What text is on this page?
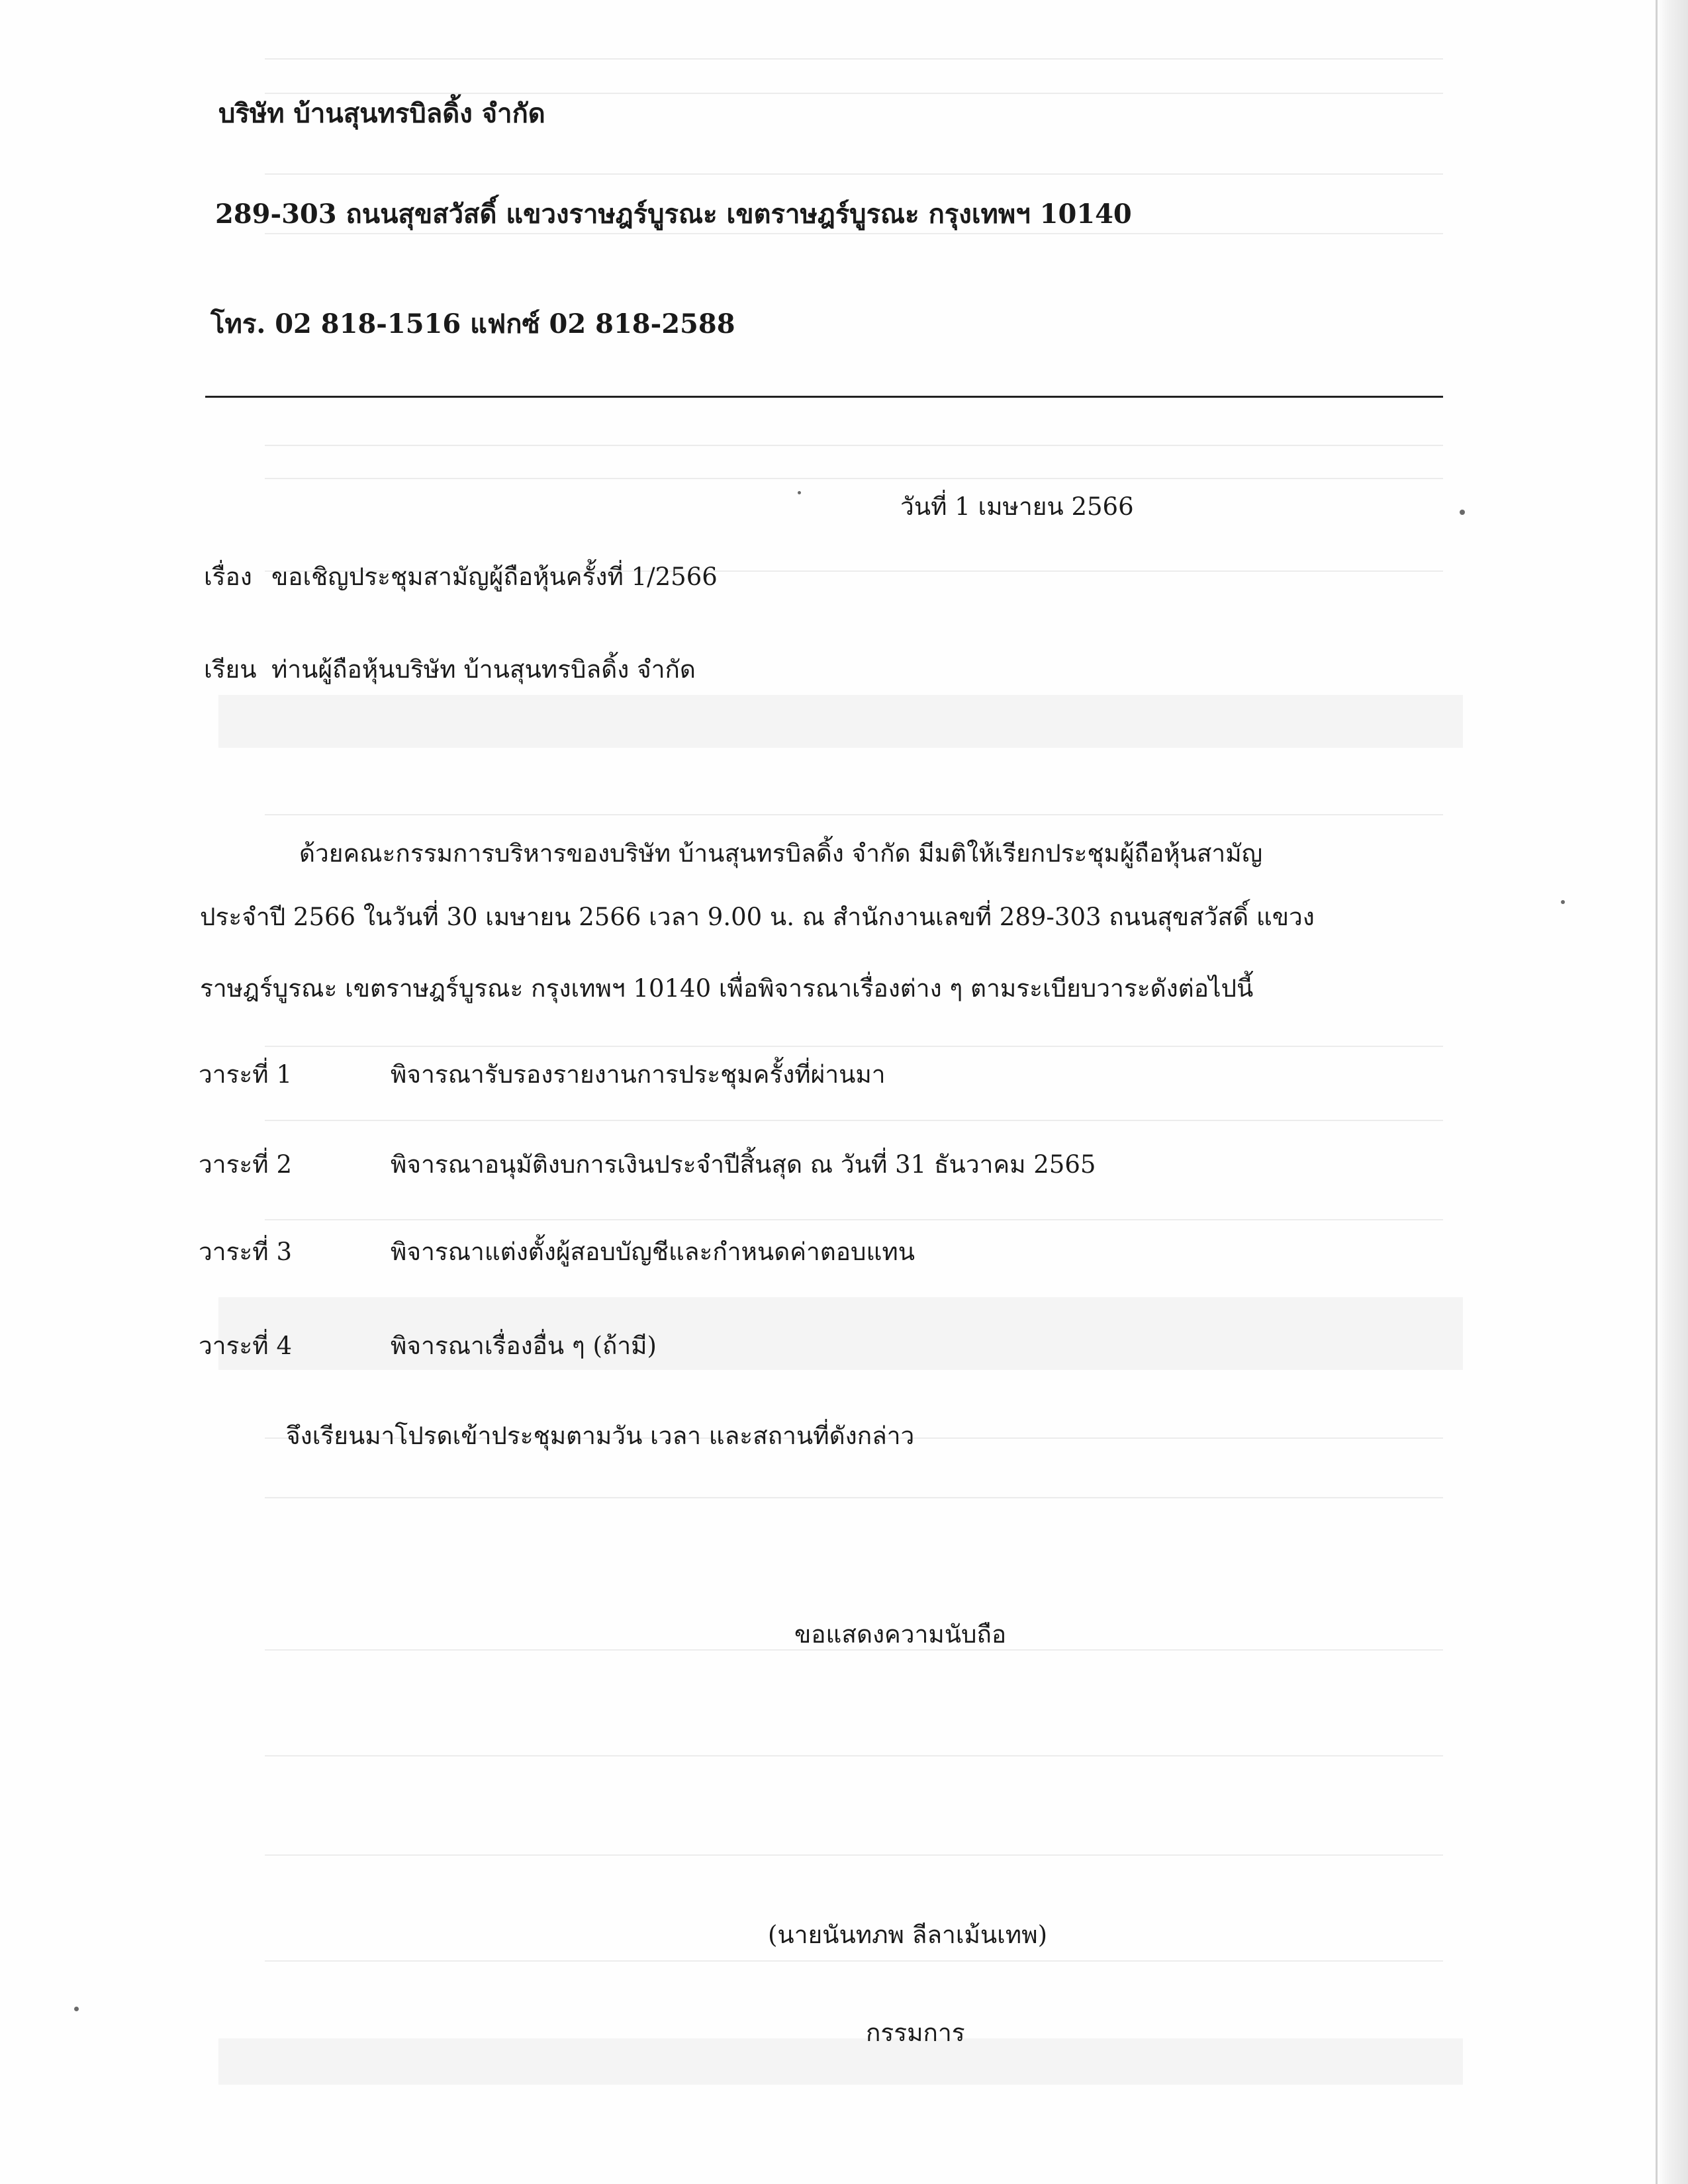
บริษัท บ้านสุนทรบิลดิ้ง จำกัด
289-303 ถนนสุขสวัสดิ์ แขวงราษฎร์บูรณะ เขตราษฎร์บูรณะ กรุงเทพฯ 10140
โทร. 02 818-1516 แฟกซ์ 02 818-2588
วันที่ 1 เมษายน 2566
เรื่อง ขอเชิญประชุมสามัญผู้ถือหุ้นครั้งที่ 1/2566
เรียน ท่านผู้ถือหุ้นบริษัท บ้านสุนทรบิลดิ้ง จำกัด
ด้วยคณะกรรมการบริหารของบริษัท บ้านสุนทรบิลดิ้ง จำกัด มีมติให้เรียกประชุมผู้ถือหุ้นสามัญ
ประจำปี 2566 ในวันที่ 30 เมษายน 2566 เวลา 9.00 น. ณ สำนักงานเลขที่ 289-303 ถนนสุขสวัสดิ์ แขวง
ราษฎร์บูรณะ เขตราษฎร์บูรณะ กรุงเทพฯ 10140 เพื่อพิจารณาเรื่องต่าง ๆ ตามระเบียบวาระดังต่อไปนี้
วาระที่ 1	พิจารณารับรองรายงานการประชุมครั้งที่ผ่านมา
วาระที่ 2	พิจารณาอนุมัติงบการเงินประจำปีสิ้นสุด ณ วันที่ 31 ธันวาคม 2565
วาระที่ 3	พิจารณาแต่งตั้งผู้สอบบัญชีและกำหนดค่าตอบแทน
วาระที่ 4	พิจารณาเรื่องอื่น ๆ (ถ้ามี)
จึงเรียนมาโปรดเข้าประชุมตามวัน เวลา และสถานที่ดังกล่าว
ขอแสดงความนับถือ
(นายนันทภพ ลีลาเม้นเทพ)
กรรมการ
